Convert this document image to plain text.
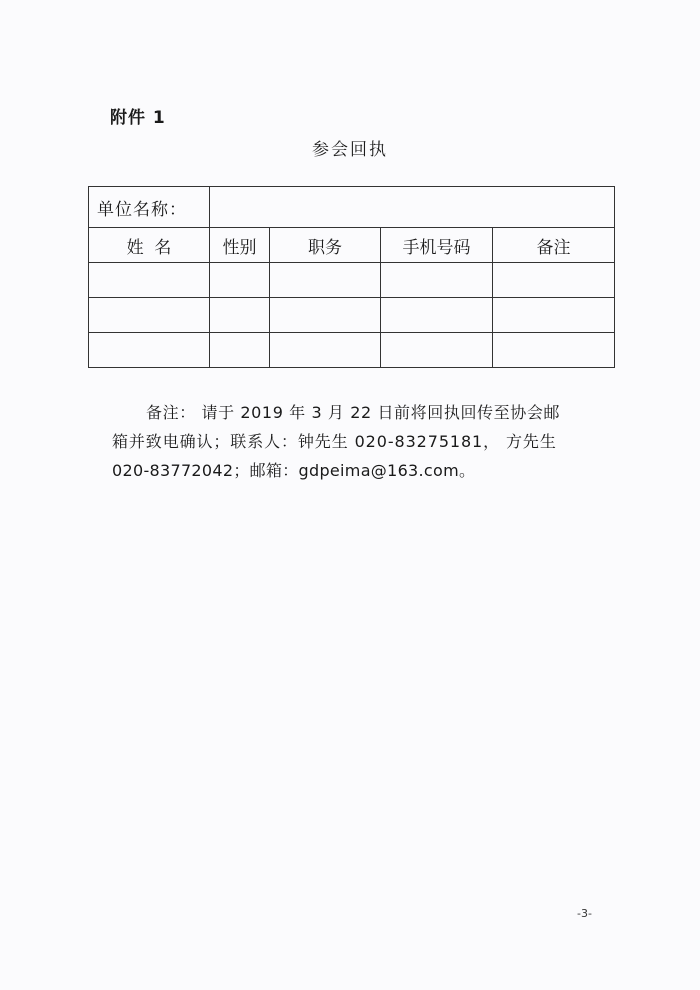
附件 1
参会回执
单位名称：				
姓  名	性别	职务	手机号码	备注

备注： 请于 2019 年 3 月 22 日前将回执回传至协会邮
箱并致电确认；联系人：钟先生 020-83275181， 方先生
020-83772042；邮箱：gdpeima@163.com。
-3-
